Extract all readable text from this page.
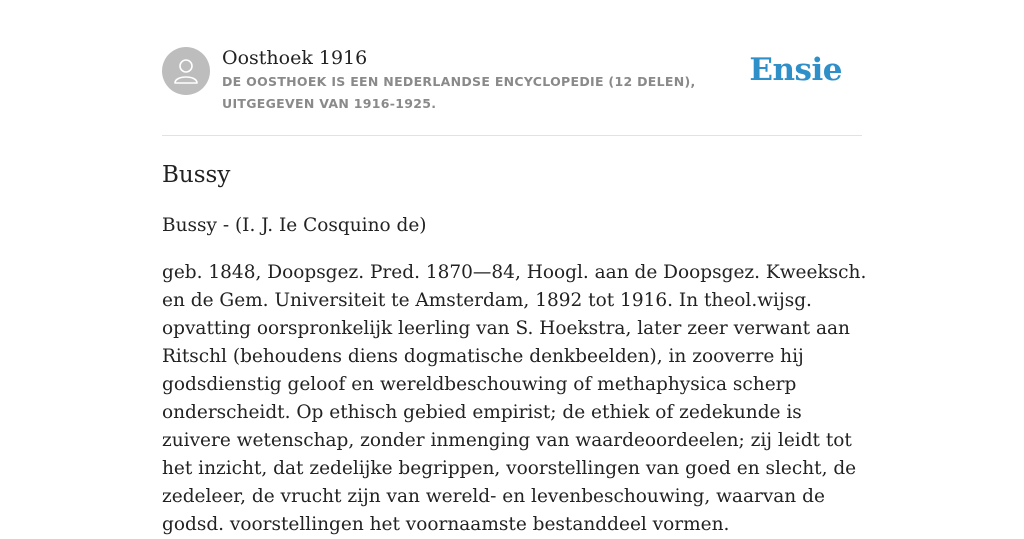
Oosthoek 1916
DE OOSTHOEK IS EEN NEDERLANDSE ENCYCLOPEDIE (12 DELEN), UITGEGEVEN VAN 1916-1925.
Ensie
Bussy
Bussy - (I. J. Ie Cosquino de)

geb. 1848, Doopsgez. Pred. 1870—84, Hoogl. aan de Doopsgez. Kweeksch. en de Gem. Universiteit te Amsterdam, 1892 tot 1916. In theol.wijsg. opvatting oorspronkelijk leerling van S. Hoekstra, later zeer verwant aan Ritschl (behoudens diens dogmatische denkbeelden), in zooverre hij godsdienstig geloof en wereldbeschouwing of methaphysica scherp onderscheidt. Op ethisch gebied empirist; de ethiek of zedekunde is zuivere wetenschap, zonder inmenging van waardeoordeelen; zij leidt tot het inzicht, dat zedelijke begrippen, voorstellingen van goed en slecht, de zedeleer, de vrucht zijn van wereld- en levenbeschouwing, waarvan de godsd. voorstellingen het voornaamste bestanddeel vormen.
